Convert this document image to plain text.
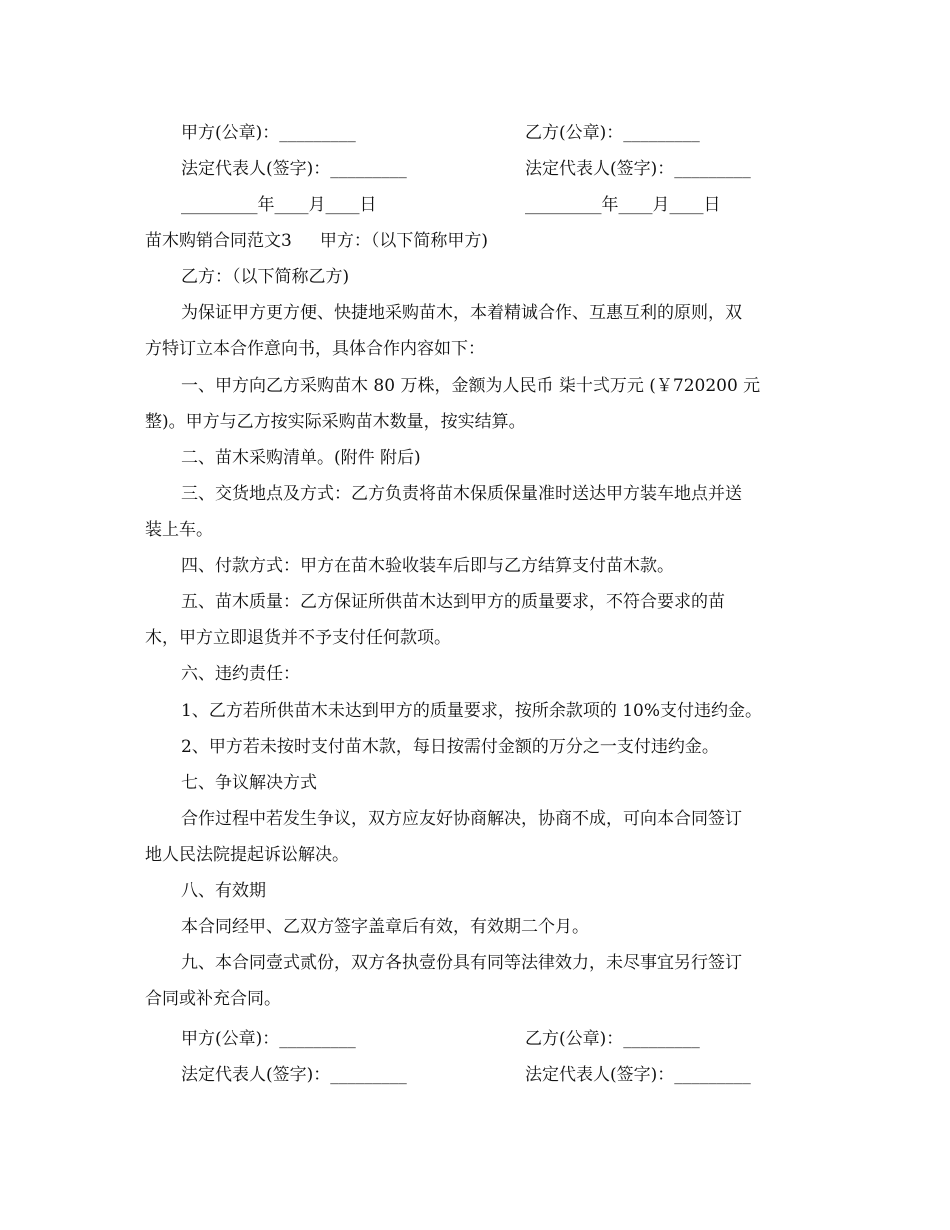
甲方(公章)：_________	乙方(公章)：_________
法定代表人(签字)：_________	法定代表人(签字)：_________
_________年____月____日	_________年____月____日
苗木购销合同范文3 甲方：（以下简称甲方)
乙方：（以下简称乙方)
为保证甲方更方便、快捷地采购苗木，本着精诚合作、互惠互利的原则，双
方特订立本合作意向书，具体合作内容如下：
一、甲方向乙方采购苗木 80 万株，金额为人民币 柒十弍万元 (￥720200 元
整)。甲方与乙方按实际采购苗木数量，按实结算。
二、苗木采购清单。(附件 附后)
三、交货地点及方式：乙方负责将苗木保质保量准时送达甲方装车地点并送
装上车。
四、付款方式：甲方在苗木验收装车后即与乙方结算支付苗木款。
五、苗木质量：乙方保证所供苗木达到甲方的质量要求，不符合要求的苗
木，甲方立即退货并不予支付任何款项。
六、违约责任：
1、乙方若所供苗木未达到甲方的质量要求，按所余款项的 10%支付违约金。
2、甲方若未按时支付苗木款，每日按需付金额的万分之一支付违约金。
七、争议解决方式
合作过程中若发生争议，双方应友好协商解决，协商不成，可向本合同签订
地人民法院提起诉讼解决。
八、有效期
本合同经甲、乙双方签字盖章后有效，有效期二个月。
九、本合同壹式贰份，双方各执壹份具有同等法律效力，未尽事宜另行签订
合同或补充合同。
甲方(公章)：_________	乙方(公章)：_________
法定代表人(签字)：_________	法定代表人(签字)：_________
